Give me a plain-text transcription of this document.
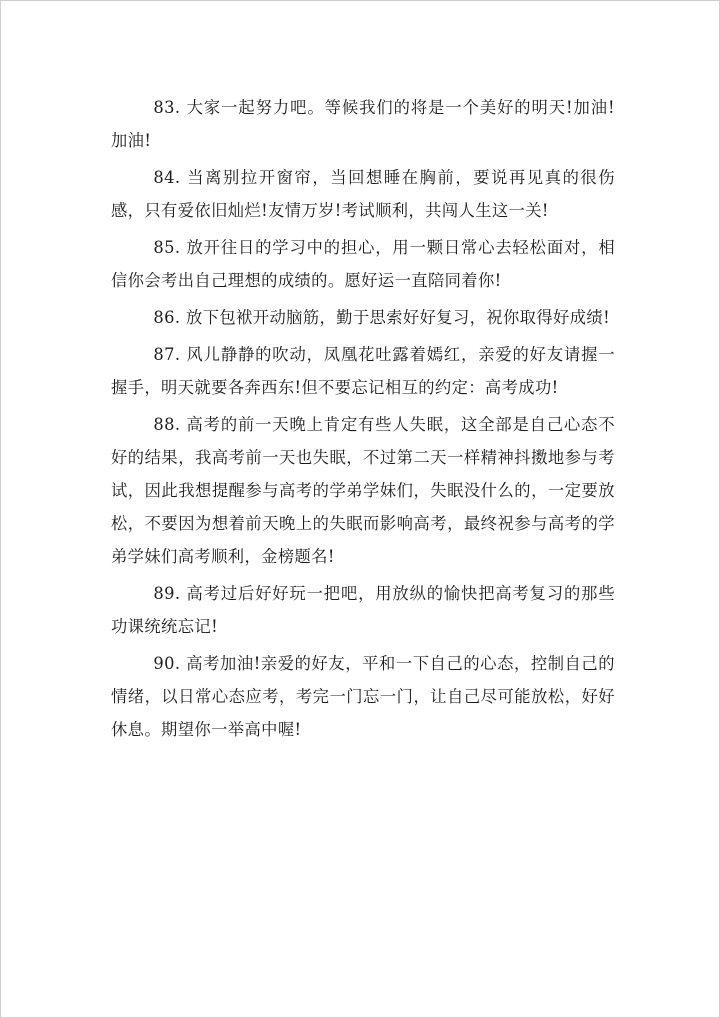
83. 大家一起努力吧。等候我们的将是一个美好的明天!加油!加油!

84. 当离别拉开窗帘，当回想睡在胸前，要说再见真的很伤感，只有爱依旧灿烂!友情万岁!考试顺利，共闯人生这一关!

85. 放开往日的学习中的担心，用一颗日常心去轻松面对，相信你会考出自己理想的成绩的。愿好运一直陪同着你!

86. 放下包袱开动脑筋，勤于思索好好复习，祝你取得好成绩!

87. 风儿静静的吹动，凤凰花吐露着嫣红，亲爱的好友请握一握手，明天就要各奔西东!但不要忘记相互的约定：高考成功!

88. 高考的前一天晚上肯定有些人失眠，这全部是自己心态不好的结果，我高考前一天也失眠，不过第二天一样精神抖擞地参与考试，因此我想提醒参与高考的学弟学妹们，失眠没什么的，一定要放松，不要因为想着前天晚上的失眠而影响高考，最终祝参与高考的学弟学妹们高考顺利，金榜题名!

89. 高考过后好好玩一把吧，用放纵的愉快把高考复习的那些功课统统忘记!

90. 高考加油!亲爱的好友，平和一下自己的心态，控制自己的情绪，以日常心态应考，考完一门忘一门，让自己尽可能放松，好好休息。期望你一举高中喔!
